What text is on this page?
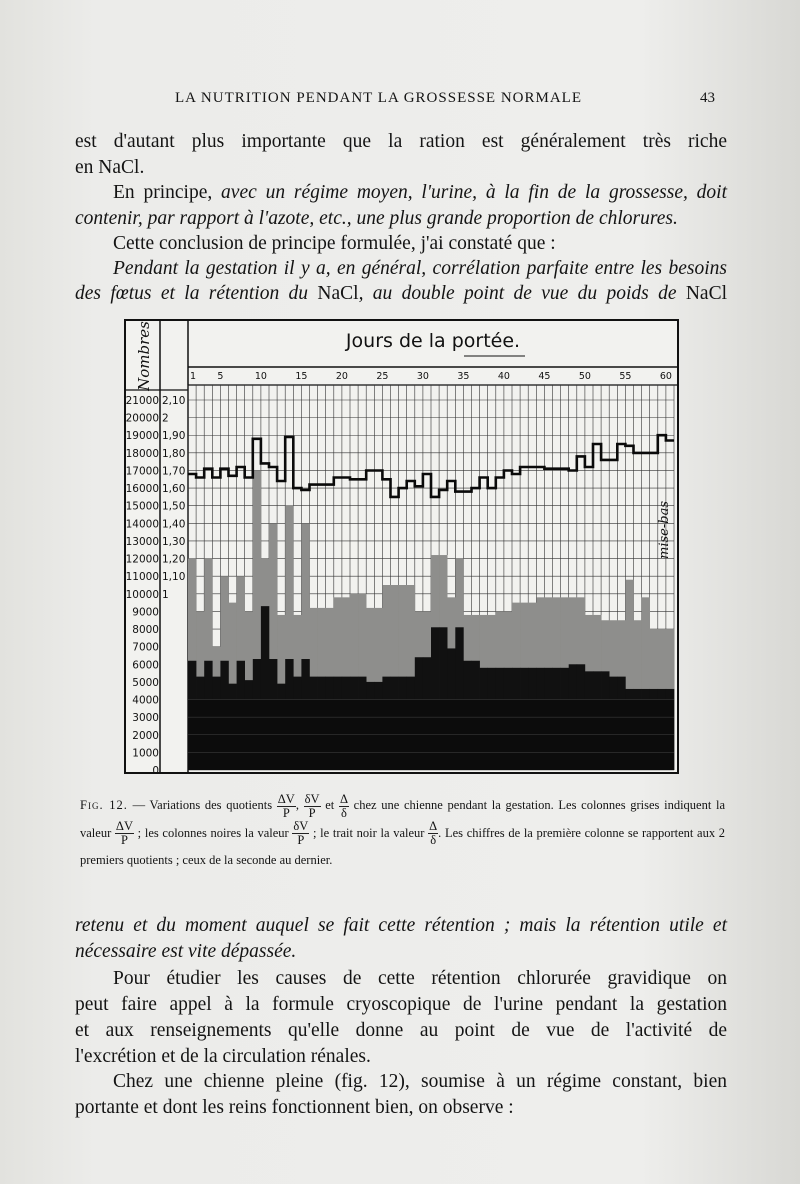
LA NUTRITION PENDANT LA GROSSESSE NORMALE	43
est d'autant plus importante que la ration est généralement très riche
en NaCl.
En principe, avec un régime moyen, l'urine, à la fin de la grossesse, doit
contenir, par rapport à l'azote, etc., une plus grande proportion de chlorures.
Cette conclusion de principe formulée, j'ai constaté que :
Pendant la gestation il y a, en général, corrélation parfaite entre les besoins
des fœtus et la rétention du NaCl, au double point de vue du poids de NaCl
Jours de la portée.
Nombres	1 5	10	15	20	25	30	35	40	45	50	55	60
21000
20000
19000
18000
17000
16000
15000
14000
13000
12000
11000
10000
9000
8000
7000
6000
5000
4000
3000
2000
1000
0
2,10
2
1,90
1,80
1,70
1,60
1,50
1,40
1,30
1,20
1,10
1
mise-bas
Fig. 12. — Variations des quotients $\frac{\Delta V}{P}$ , $\frac{\delta V}{P}$ et $\frac{\Delta}{\delta}$ chez une chienne pendant la gestation. Les colonnes grises indiquent la valeur $\frac{\Delta V}{P}$ ; les colonnes noires la valeur $\frac{\delta V}{P}$ ; le trait noir la valeur $\frac{\Delta}{\delta}$ . Les chiffres de la première colonne se rapportent aux 2 premiers quotients ; ceux de la seconde au dernier.
retenu et du moment auquel se fait cette rétention ; mais la rétention utile et
nécessaire est vite dépassée.
Pour étudier les causes de cette rétention chlorurée gravidique on
peut faire appel à la formule cryoscopique de l'urine pendant la gestation
et aux renseignements qu'elle donne au point de vue de l'activité de
l'excrétion et de la circulation rénales.
Chez une chienne pleine (fig. 12), soumise à un régime constant, bien
portante et dont les reins fonctionnent bien, on observe :
